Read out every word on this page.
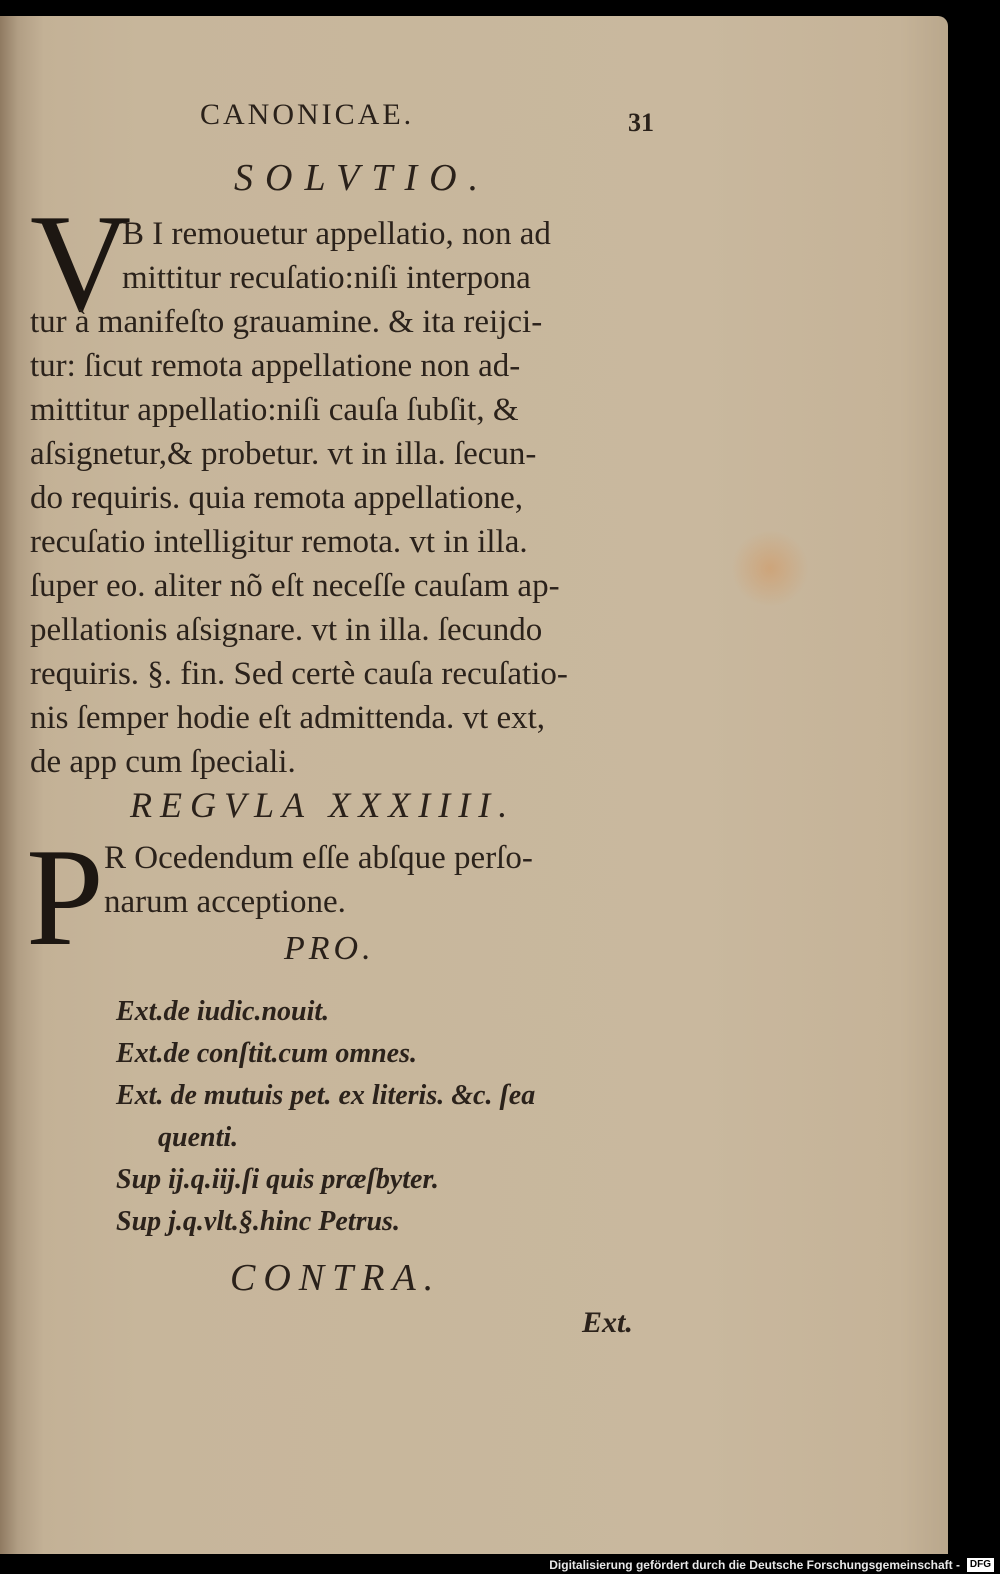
CANONICAE.	31
SOLVTIO.
V
B I remouetur appellatio, non ad
mittitur recuſatio:niſi interpona
tur à manifeſto grauamine. & ita reijci-
tur: ſicut remota appellatione non ad-
mittitur appellatio:niſi cauſa ſubſit, &
aſsignetur,& probetur. vt in illa. ſecun-
do requiris. quia remota appellatione,
recuſatio intelligitur remota. vt in illa.
ſuper eo. aliter nõ eſt neceſſe cauſam ap-
pellationis aſsignare. vt in illa. ſecundo
requiris. §. fin. Sed certè cauſa recuſatio-
nis ſemper hodie eſt admittenda. vt ext,
de app cum ſpeciali.
REGVLA XXXIIII.
P R Ocedendum eſſe abſque perſo-
narum acceptione.
PRO.
Ext.de iudic.nouit.
Ext.de conſtit.cum omnes.
Ext. de mutuis pet. ex literis. &c. ſea
quenti.
Sup ij.q.iij.ſi quis præſbyter.
Sup j.q.vlt.§.hinc Petrus.
CONTRA.
Ext.
Digitalisierung gefördert durch die Deutsche Forschungsgemeinschaft - DFG
